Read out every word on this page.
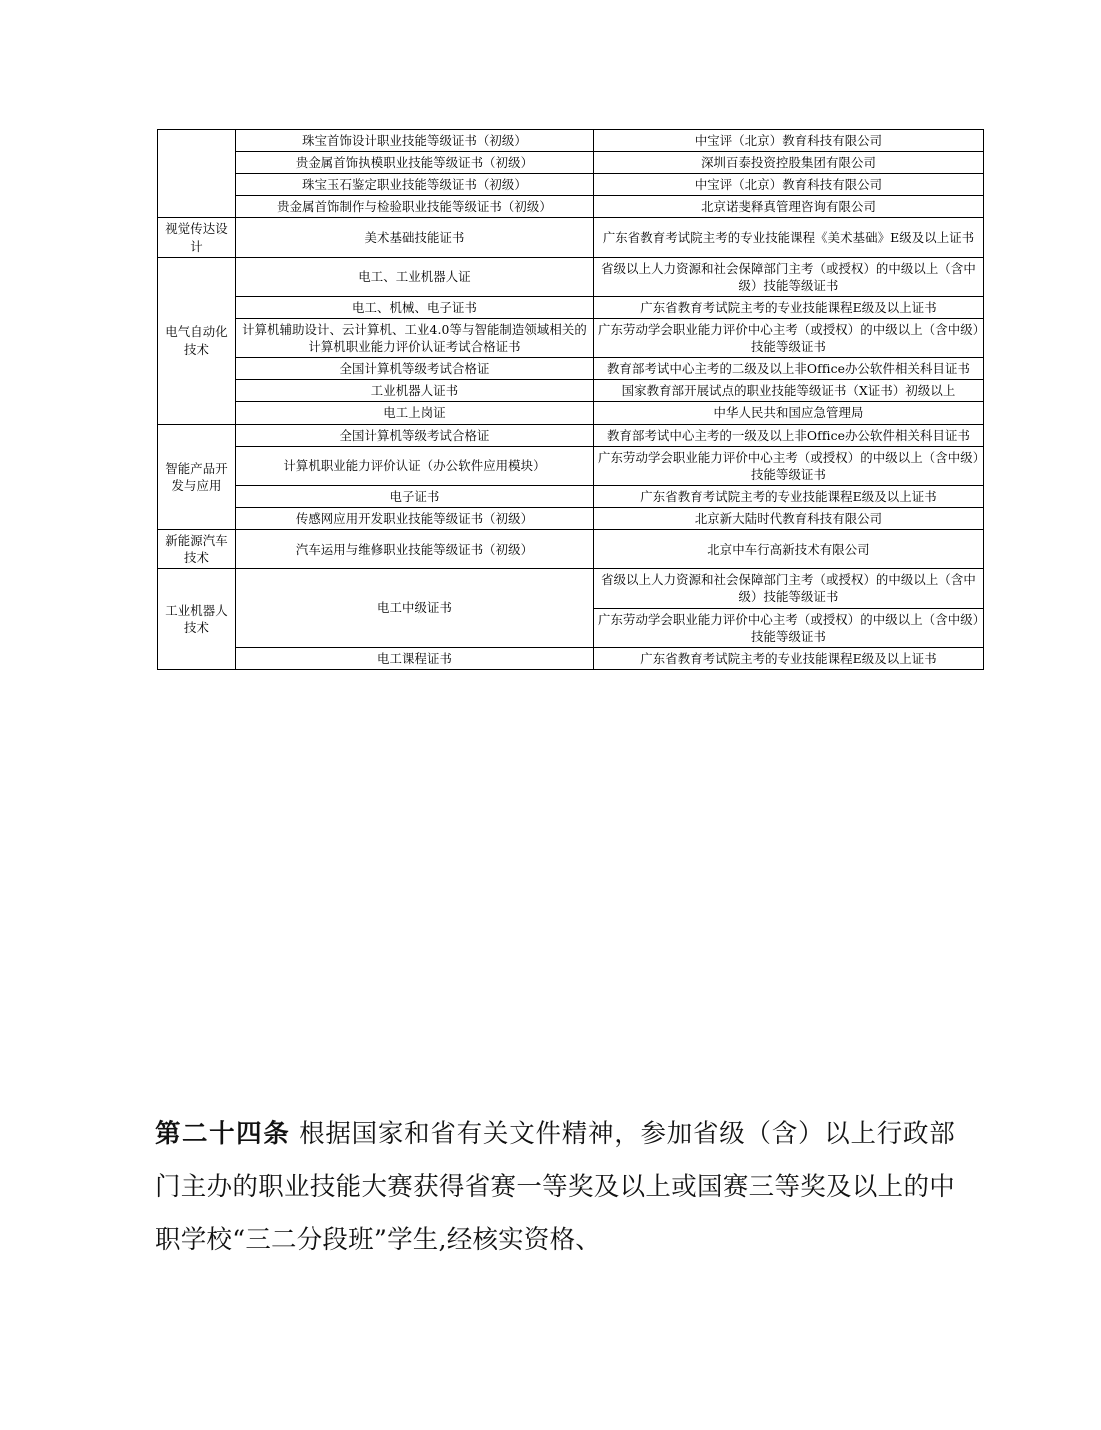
	珠宝首饰设计职业技能等级证书（初级）	中宝评（北京）教育科技有限公司
	贵金属首饰执模职业技能等级证书（初级）	深圳百泰投资控股集团有限公司
	珠宝玉石鉴定职业技能等级证书（初级）	中宝评（北京）教育科技有限公司
	贵金属首饰制作与检验职业技能等级证书（初级）	北京诺斐释真管理咨询有限公司
视觉传达设计	美术基础技能证书	广东省教育考试院主考的专业技能课程《美术基础》E级及以上证书
电气自动化技术	电工、工业机器人证	省级以上人力资源和社会保障部门主考（或授权）的中级以上（含中级）技能等级证书
	电工、机械、电子证书	广东省教育考试院主考的专业技能课程E级及以上证书
	计算机辅助设计、云计算机、工业4.0等与智能制造领域相关的计算机职业能力评价认证考试合格证书	广东劳动学会职业能力评价中心主考（或授权）的中级以上（含中级）技能等级证书
	全国计算机等级考试合格证	教育部考试中心主考的二级及以上非Office办公软件相关科目证书
	工业机器人证书	国家教育部开展试点的职业技能等级证书（X证书）初级以上
	电工上岗证	中华人民共和国应急管理局
智能产品开发与应用	全国计算机等级考试合格证	教育部考试中心主考的一级及以上非Office办公软件相关科目证书
	计算机职业能力评价认证（办公软件应用模块）	广东劳动学会职业能力评价中心主考（或授权）的中级以上（含中级）技能等级证书
	电子证书	广东省教育考试院主考的专业技能课程E级及以上证书
	传感网应用开发职业技能等级证书（初级）	北京新大陆时代教育科技有限公司
新能源汽车技术	汽车运用与维修职业技能等级证书（初级）	北京中车行高新技术有限公司
工业机器人技术	电工中级证书	省级以上人力资源和社会保障部门主考（或授权）的中级以上（含中级）技能等级证书
		广东劳动学会职业能力评价中心主考（或授权）的中级以上（含中级）技能等级证书
	电工课程证书	广东省教育考试院主考的专业技能课程E级及以上证书

第二十四条 根据国家和省有关文件精神，参加省级（含）以上行政部门主办的职业技能大赛获得省赛一等奖及以上或国赛三等奖及以上的中职学校“三二分段班”学生,经核实资格、
